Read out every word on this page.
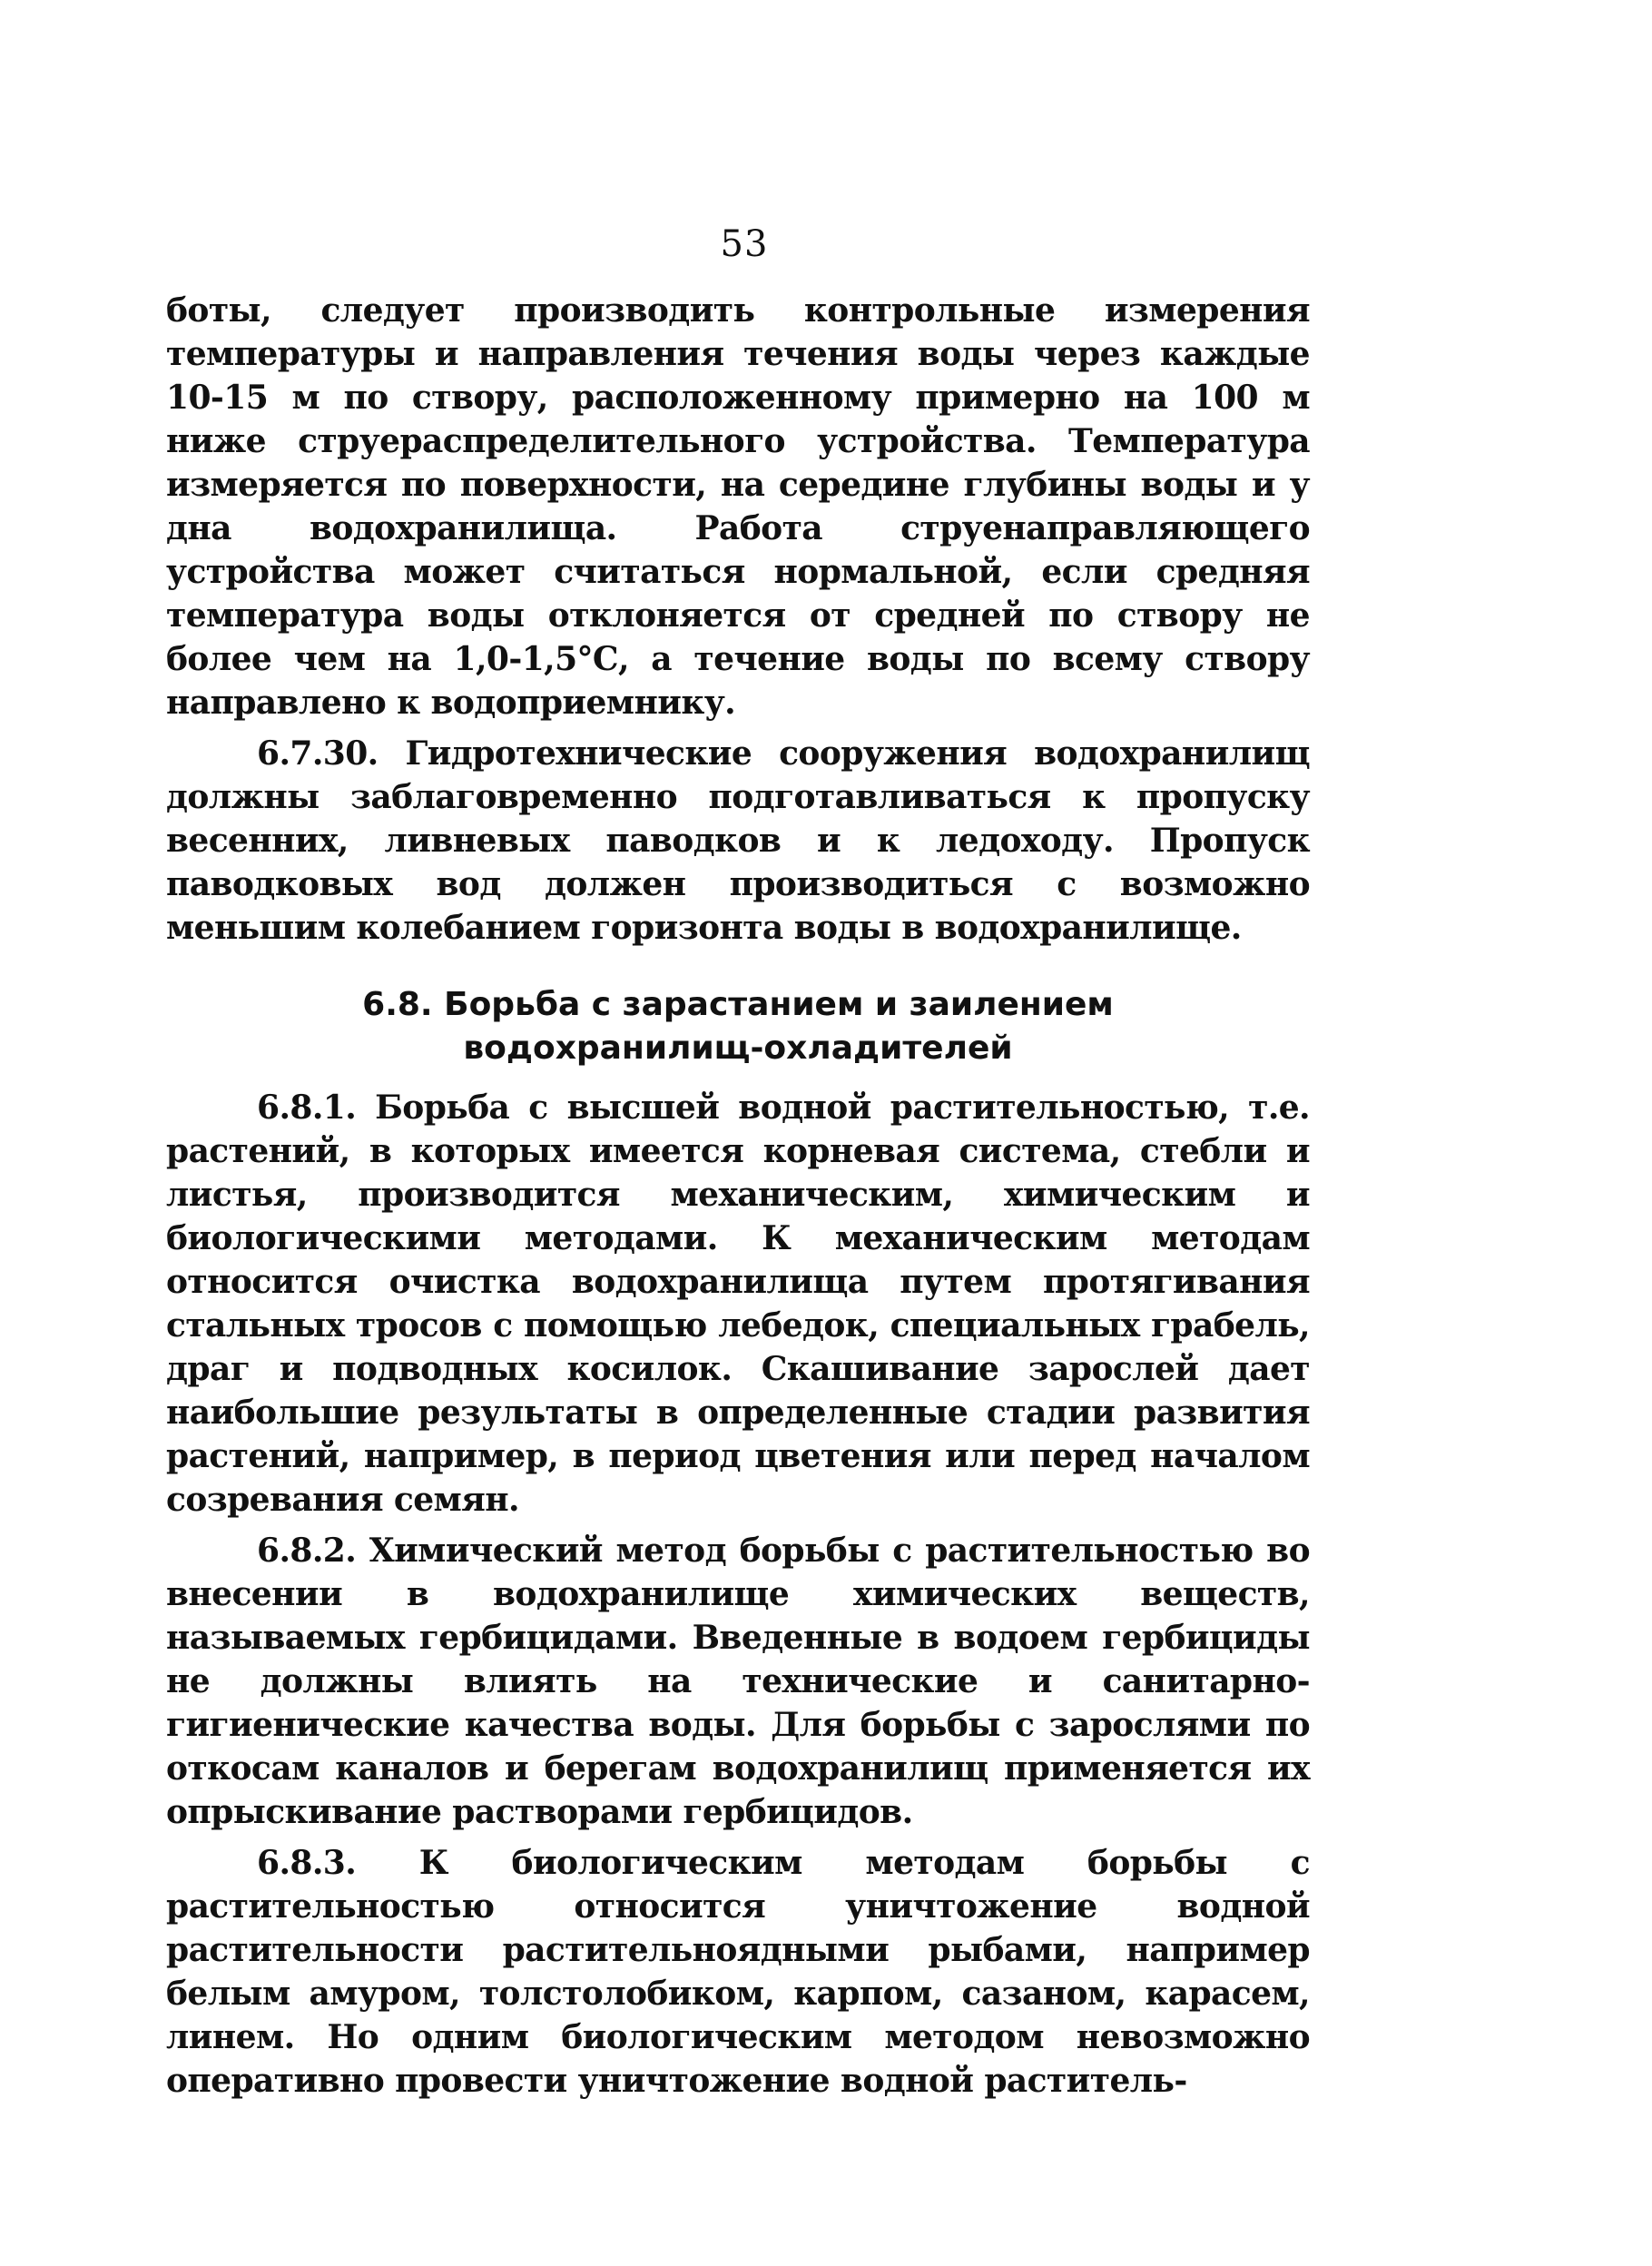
53

боты, следует производить контрольные измерения температуры и направления течения воды через каждые 10-15 м по створу, расположенному примерно на 100 м ниже струераспределительного устройства. Температура измеряется по поверхности, на середине глубины воды и у дна водохранилища. Работа струенаправляющего устройства может считаться нормальной, если средняя температура воды отклоняется от средней по створу не более чем на 1,0-1,5°С, а течение воды по всему створу направлено к водоприемнику.

6.7.30. Гидротехнические сооружения водохранилищ должны заблаговременно подготавливаться к пропуску весенних, ливневых паводков и к ледоходу. Пропуск паводковых вод должен производиться с возможно меньшим колебанием горизонта воды в водохранилище.

6.8. Борьба с зарастанием и заилением
водохранилищ-охладителей

6.8.1. Борьба с высшей водной растительностью, т.е. растений, в которых имеется корневая система, стебли и листья, производится механическим, химическим и биологическими методами. К механическим методам относится очистка водохранилища путем протягивания стальных тросов с помощью лебедок, специальных грабель, драг и подводных косилок. Скашивание зарослей дает наибольшие результаты в определенные стадии развития растений, например, в период цветения или перед началом созревания семян.

6.8.2. Химический метод борьбы с растительностью во внесении в водохранилище химических веществ, называемых гербицидами. Введенные в водоем гербициды не должны влиять на технические и санитарно-гигиенические качества воды. Для борьбы с зарослями по откосам каналов и берегам водохранилищ применяется их опрыскивание растворами гербицидов.

6.8.3. К биологическим методам борьбы с растительностью относится уничтожение водной растительности растительноядными рыбами, например белым амуром, толстолобиком, карпом, сазаном, карасем, линем. Но одним биологическим методом невозможно оперативно провести уничтожение водной раститель-
